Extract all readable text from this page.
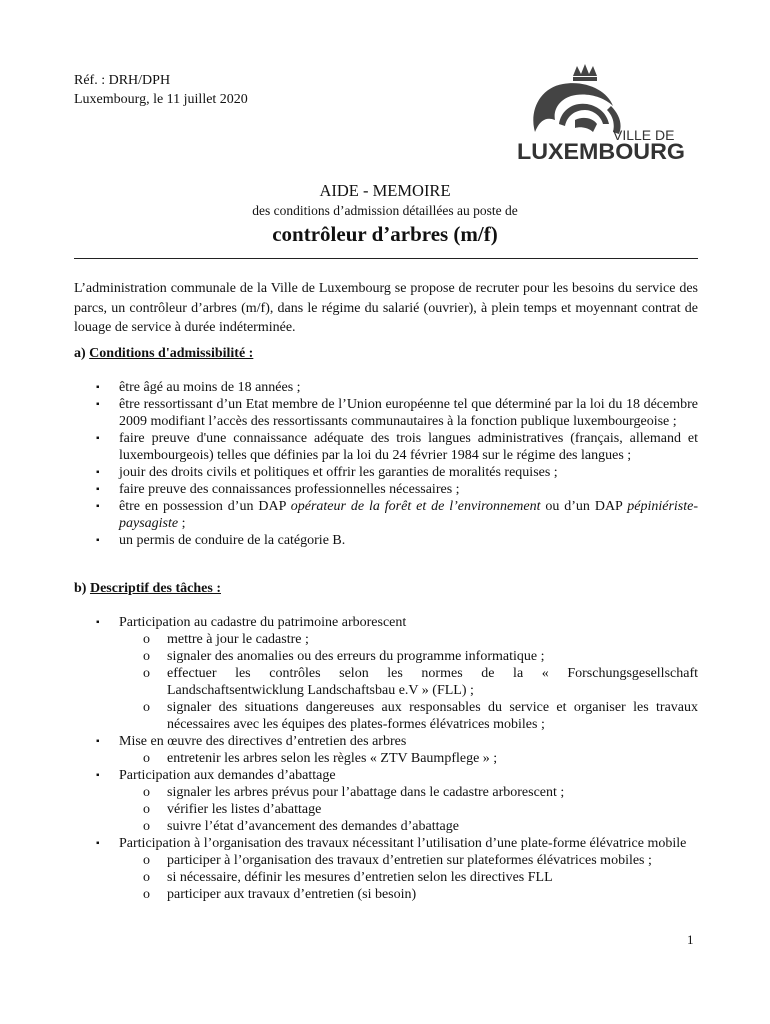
Réf. : DRH/DPH
Luxembourg, le 11 juillet 2020
VILLE DE
LUXEMBOURG
AIDE - MEMOIRE
des conditions d’admission détaillées au poste de
contrôleur d’arbres (m/f)
L’administration communale de la Ville de Luxembourg se propose de recruter pour les besoins du service des parcs, un contrôleur d’arbres (m/f), dans le régime du salarié (ouvrier), à plein temps et moyennant contrat de louage de service à durée indéterminée.
a) Conditions d'admissibilité :
▪ être âgé au moins de 18 années ;
▪ être ressortissant d’un Etat membre de l’Union européenne tel que déterminé par la loi du 18 décembre 2009 modifiant l’accès des ressortissants communautaires à la fonction publique luxembourgeoise ;
▪ faire preuve d'une connaissance adéquate des trois langues administratives (français, allemand et luxembourgeois) telles que définies par la loi du 24 février 1984 sur le régime des langues ;
▪ jouir des droits civils et politiques et offrir les garanties de moralités requises ;
▪ faire preuve des connaissances professionnelles nécessaires ;
▪ être en possession d’un DAP opérateur de la forêt et de l’environnement ou d’un DAP pépiniériste-paysagiste ;
▪ un permis de conduire de la catégorie B.
b) Descriptif des tâches :
▪ Participation au cadastre du patrimoine arborescent
o mettre à jour le cadastre ;
o signaler des anomalies ou des erreurs du programme informatique ;
o effectuer les contrôles selon les normes de la « Forschungsgesellschaft Landschaftsentwicklung Landschaftsbau e.V » (FLL) ;
o signaler des situations dangereuses aux responsables du service et organiser les travaux nécessaires avec les équipes des plates-formes élévatrices mobiles ;
▪ Mise en œuvre des directives d’entretien des arbres
o entretenir les arbres selon les règles « ZTV Baumpflege » ;
▪ Participation aux demandes d’abattage
o signaler les arbres prévus pour l’abattage dans le cadastre arborescent ;
o vérifier les listes d’abattage
o suivre l’état d’avancement des demandes d’abattage
▪ Participation à l’organisation des travaux nécessitant l’utilisation d’une plate-forme élévatrice mobile
o participer à l’organisation des travaux d’entretien sur plateformes élévatrices mobiles ;
o si nécessaire, définir les mesures d’entretien selon les directives FLL
o participer aux travaux d’entretien (si besoin)
1
